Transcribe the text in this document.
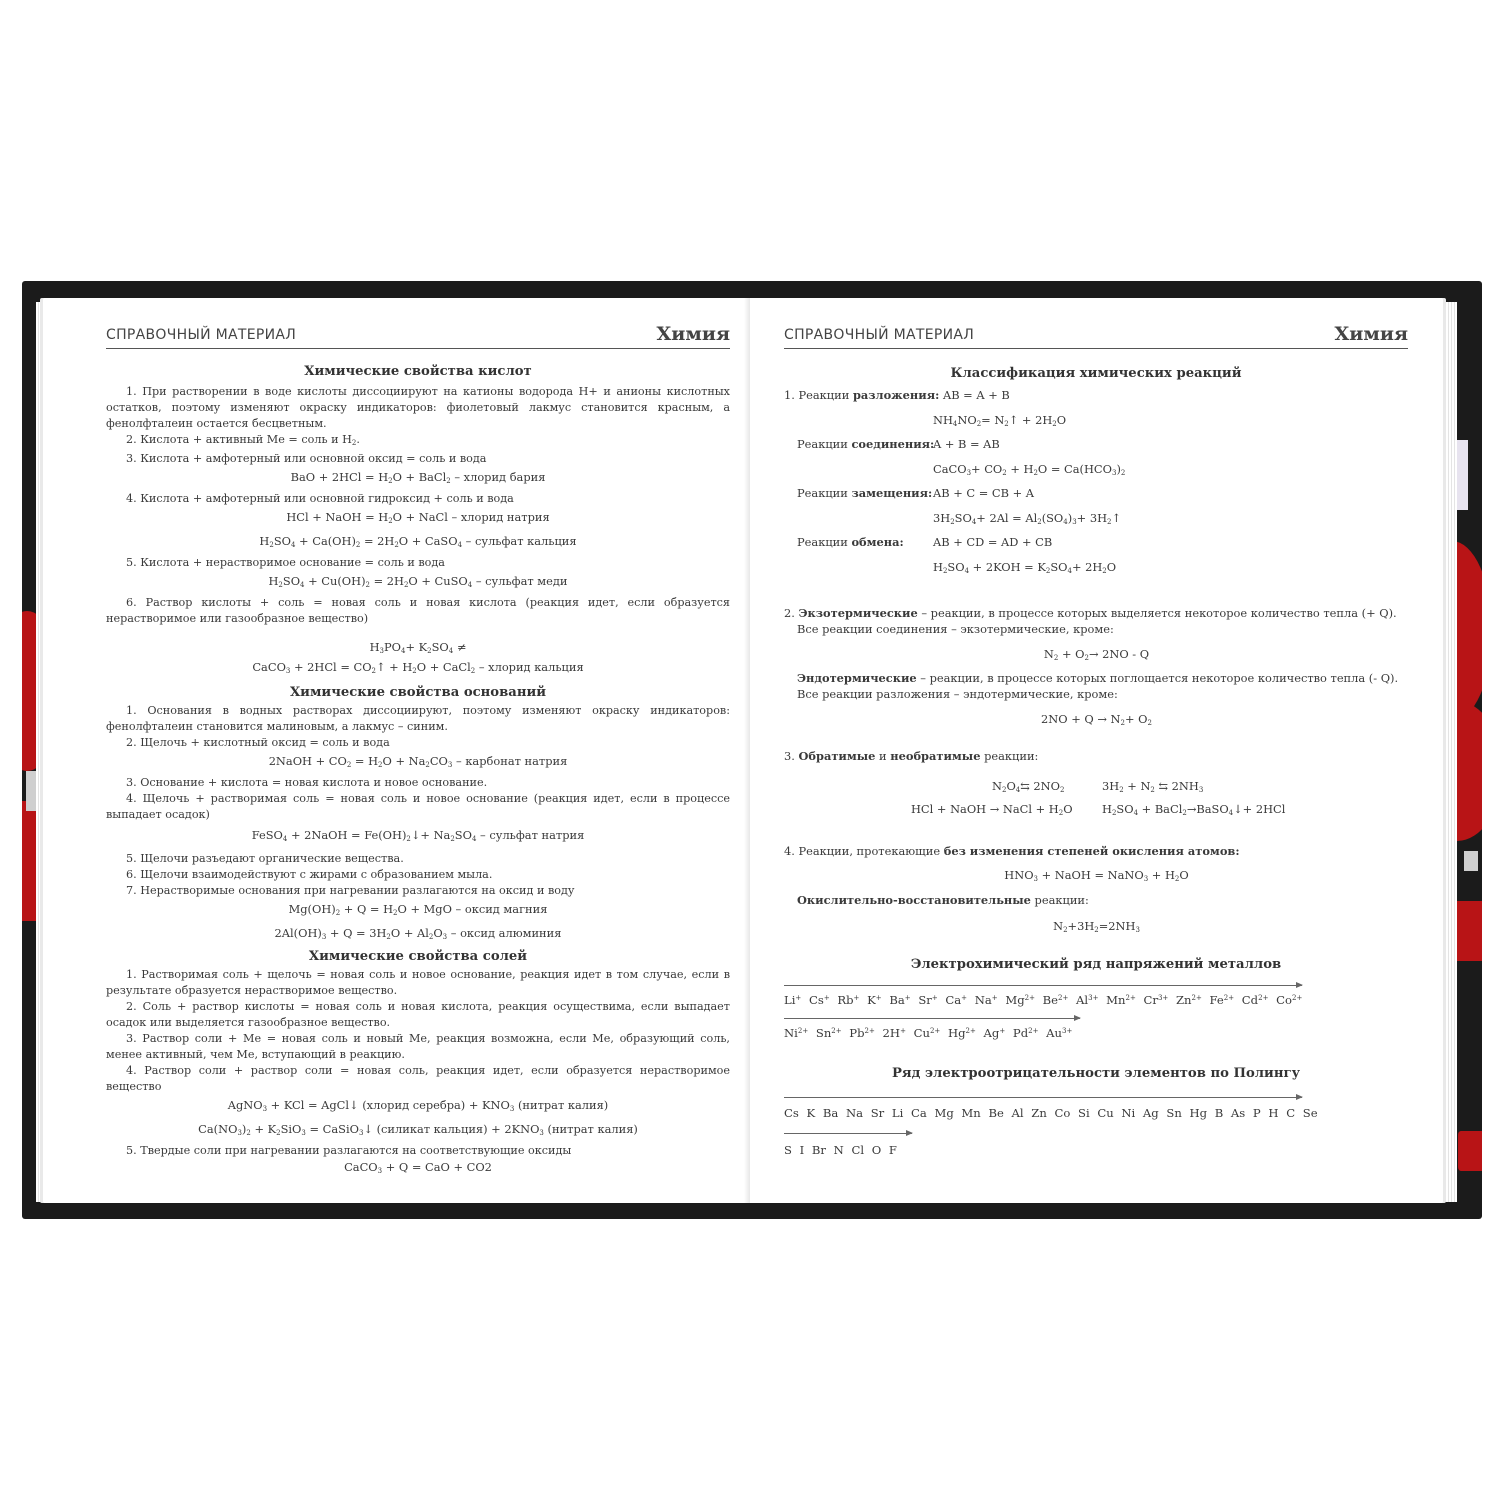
СПРАВОЧНЫЙ МАТЕРИАЛ	Химия
Химические свойства кислот
1. При растворении в воде кислоты диссоциируют на катионы водорода H+ и анионы кислотных остатков, поэтому изменяют окраску индикаторов: фиолетовый лакмус становится красным, а фенолфталеин остается бесцветным.
2. Кислота + активный Ме = соль и $H_2$.
3. Кислота + амфотерный или основной оксид = соль и вода
BaO + $2HCl = H_2O$ + BaCl$_2$ – хлорид бария
4. Кислота + амфотерный или основной гидроксид + соль и вода
HCl + NaOH = $H_2O$ + NaCl – хлорид натрия
$H_2SO_4 + Ca(OH)_2 = 2H_2O$ + CaSO$_4$ – сульфат кальция
5. Кислота + нерастворимое основание = соль и вода
$H_2SO_4 + Cu(OH)_2 = 2H_2O$ + CuSO$_4$ – сульфат меди
6. Раствор кислоты + соль = новая соль и новая кислота (реакция идет, если образуется нерастворимое или газообразное вещество)
$H_3PO_4+ K_2SO_4$ ≠
CaCO$_3$ + $2HCl = CO_2↑ + H_2O$ + CaCl$_2$ – хлорид кальция
Химические свойства оснований
1. Основания в водных растворах диссоциируют, поэтому изменяют окраску индикаторов: фенолфталеин становится малиновым, а лакмус – синим.
2. Щелочь + кислотный оксид = соль и вода
2NaOH + $CO_2 = H_2O + Na_2CO_3$ – карбонат натрия
3. Основание + кислота = новая кислота и новое основание.
4. Щелочь + растворимая соль = новая соль и новое основание (реакция идет, если в процессе выпадает осадок)
FeSO$_4$ + 2NaOH = $Fe(OH)_2↓+ Na_2SO_4$ – сульфат натрия
5. Щелочи разъедают органические вещества.
6. Щелочи взаимодействуют с жирами с образованием мыла.
7. Нерастворимые основания при нагревании разлагаются на оксид и воду
$Mg(OH)_2 + Q = H_2O$ + MgO – оксид магния
$2Al(OH)_3 + Q = 3H_2O + Al_2O_3$ – оксид алюминия
Химические свойства солей
1. Растворимая соль + щелочь = новая соль и новое основание, реакция идет в том случае, если в результате образуется нерастворимое вещество.
2. Соль + раствор кислоты = новая соль и новая кислота, реакция осуществима, если выпадает осадок или выделяется газообразное вещество.
3. Раствор соли + Ме = новая соль и новый Ме, реакция возможна, если Ме, образующий соль, менее активный, чем Ме, вступающий в реакцию.
4. Раствор соли + раствор соли = новая соль, реакция идет, если образуется нерастворимое вещество
AgNO$_3$ + KCl = AgCl↓ (хлорид серебра) + $KNO_3$ (нитрат калия)
$Ca(NO_3)_2 + K_2SiO_3$ = CaSiO$_3$↓ (силикат кальция) + $2KNO_3$ (нитрат калия)
5. Твердые соли при нагревании разлагаются на соответствующие оксиды
CaCO$_3$ + Q = CaO + CO2
СПРАВОЧНЫЙ МАТЕРИАЛ	Химия
Классификация химических реакций
1. Реакции разложения: AB = A + B
$NH_4NO_2=$ $N_2↑ + 2H_2O$
Реакции соединения:
A + B = AB
CaCO$_3$+ $CO_2 + H_2O = Ca(HCO_3)_2$
Реакции замещения: AB + C = CB + A
$3H_2SO_4+ 2Al = Al_2(SO_4)_3+$ $3H_2↑$
Реакции обмена:	AB + CD = AD + CB
$H_2SO_4 + 2KOH = K_2SO_4+ 2H_2O$
2. Экзотермические – реакции, в процессе которых выделяется некоторое количество тепла (+ Q).
Все реакции соединения – экзотермические, кроме:
$N_2 + O_2\to 2NO - Q$
Эндотермические – реакции, в процессе которых поглощается некоторое количество тепла (- Q).
Все реакции разложения – эндотермические, кроме:
$2NO + Q \to N_2+ O_2$
3. Обратимые и необратимые реакции:
$N_2O_4⇆$ $2NO_2$	$3H_2 + N_2$ ⇆ $2NH_3$
HCl + NaOH → NaCl + $H_2O$	$H_2SO_4$ + BaCl$_2$→BaSO$_4$↓+ 2HCl
4. Реакции, протекающие без изменения степеней окисления атомов:
$HNO_3$ + NaOH = NaNO$_3$ + $H_2O$
Окислительно-восстановительные реакции:
$N_2+3H_2=2NH_3$
Электрохимический ряд напряжений металлов
Li+ Cs+ Rb+ K+ Ba+ Sr+ Ca+ Na+ $Mg^{2+}$ $Be^{2+}$ $Al^{3+}$ $Mn^{2+}$ $Cr^{3+}$ $Zn^{2+}$ $Fe^{2+}$ $Cd^{2+}$ $Co^{2+}$
$Ni^{2+}$ $Sn^{2+}$ $Pb^{2+}$ 2H+ $Cu^{2+}$ $Hg^{2+}$ Ag+ $Pd^{2+}$ $Au^{3+}$
Ряд электроотрицательности элементов по Полингу
Cs K Ba Na Sr Li Ca Mg Mn Be Al Zn Co Si Cu Ni Ag Sn Hg B As P H C Se
S I Br N Cl O F
